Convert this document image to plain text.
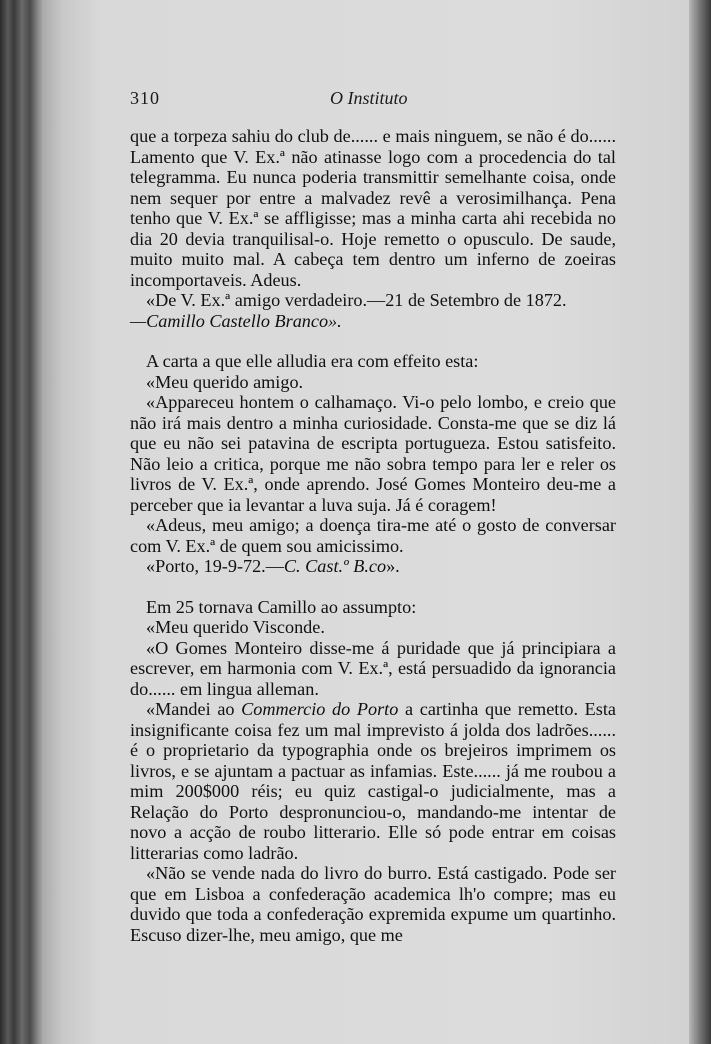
310	O Instituto

que a torpeza sahiu do club de...... e mais ninguem, se não é do...... Lamento que V. Ex.ª não atinasse logo com a procedencia do tal telegramma. Eu nunca poderia transmittir semelhante coisa, onde nem sequer por entre a malvadez revê a verosimilhança. Pena tenho que V. Ex.ª se affligisse; mas a minha carta ahi recebida no dia 20 devia tranquilisal-o. Hoje remetto o opusculo. De saude, muito muito mal. A cabeça tem dentro um inferno de zoeiras incomportaveis. Adeus.

«De V. Ex.ª amigo verdadeiro.—21 de Setembro de 1872.

—Camillo Castello Branco».

A carta a que elle alludia era com effeito esta:

«Meu querido amigo.

«Appareceu hontem o calhamaço. Vi-o pelo lombo, e creio que não irá mais dentro a minha curiosidade. Consta-me que se diz lá que eu não sei patavina de escripta portugueza. Estou satisfeito. Não leio a critica, porque me não sobra tempo para ler e reler os livros de V. Ex.ª, onde aprendo. José Gomes Monteiro deu-me a perceber que ia levantar a luva suja. Já é coragem!

«Adeus, meu amigo; a doença tira-me até o gosto de conversar com V. Ex.ª de quem sou amicissimo.

«Porto, 19-9-72.—C. Cast.º B.co».

Em 25 tornava Camillo ao assumpto:

«Meu querido Visconde.

«O Gomes Monteiro disse-me á puridade que já principiara a escrever, em harmonia com V. Ex.ª, está persuadido da ignorancia do...... em lingua alleman.

«Mandei ao Commercio do Porto a cartinha que remetto. Esta insignificante coisa fez um mal imprevisto á jolda dos ladrões...... é o proprietario da typographia onde os brejeiros imprimem os livros, e se ajuntam a pactuar as infamias. Este...... já me roubou a mim 200$000 réis; eu quiz castigal-o judicialmente, mas a Relação do Porto despronunciou-o, mandando-me intentar de novo a acção de roubo litterario. Elle só pode entrar em coisas litterarias como ladrão.

«Não se vende nada do livro do burro. Está castigado. Pode ser que em Lisboa a confederação academica lh'o compre; mas eu duvido que toda a confederação expremida expume um quartinho. Escuso dizer-lhe, meu amigo, que me
